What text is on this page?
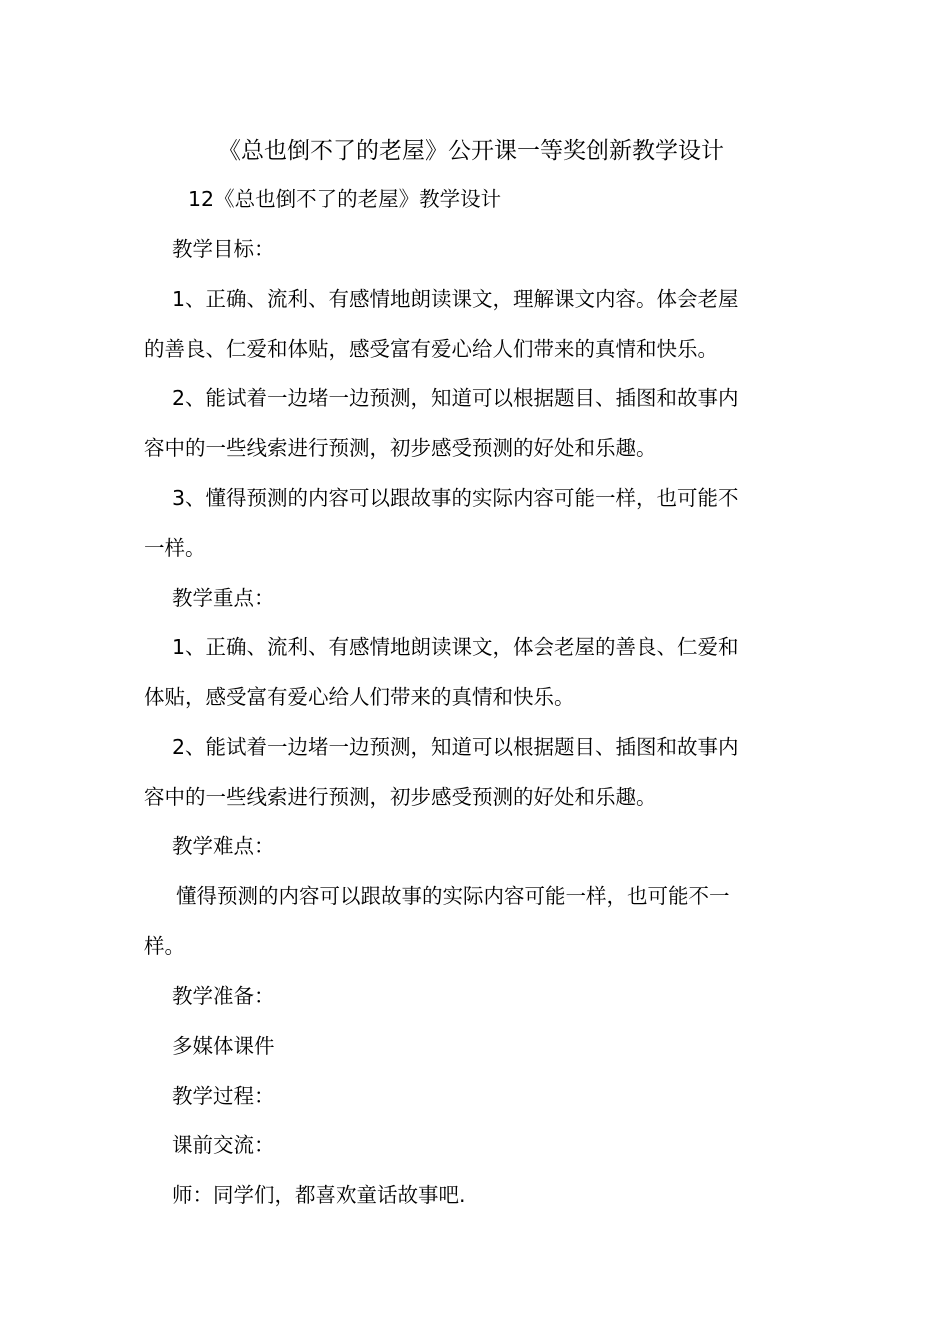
《总也倒不了的老屋》公开课一等奖创新教学设计
12《总也倒不了的老屋》教学设计
教学目标：
1、正确、流利、有感情地朗读课文，理解课文内容。体会老屋
的善良、仁爱和体贴，感受富有爱心给人们带来的真情和快乐。
2、能试着一边堵一边预测，知道可以根据题目、插图和故事内
容中的一些线索进行预测，初步感受预测的好处和乐趣。
3、懂得预测的内容可以跟故事的实际内容可能一样，也可能不
一样。
教学重点：
1、正确、流利、有感情地朗读课文，体会老屋的善良、仁爱和
体贴，感受富有爱心给人们带来的真情和快乐。
2、能试着一边堵一边预测，知道可以根据题目、插图和故事内
容中的一些线索进行预测，初步感受预测的好处和乐趣。
教学难点：
懂得预测的内容可以跟故事的实际内容可能一样，也可能不一
样。
教学准备：
多媒体课件
教学过程：
课前交流：
师：同学们，都喜欢童话故事吧.
